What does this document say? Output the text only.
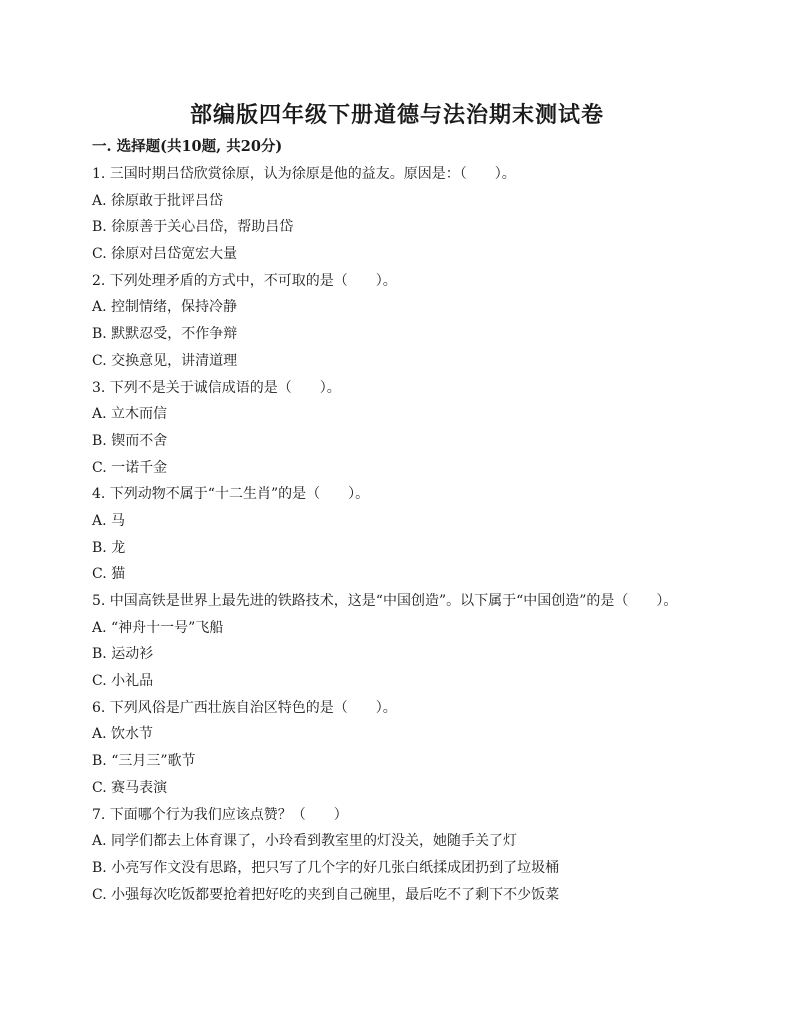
部编版四年级下册道德与法治期末测试卷
一. 选择题(共10题, 共20分)
1. 三国时期吕岱欣赏徐原，认为徐原是他的益友。原因是：（　　）。
A. 徐原敢于批评吕岱
B. 徐原善于关心吕岱，帮助吕岱
C. 徐原对吕岱宽宏大量
2. 下列处理矛盾的方式中，不可取的是（　　）。
A. 控制情绪，保持冷静
B. 默默忍受，不作争辩
C. 交换意见，讲清道理
3. 下列不是关于诚信成语的是（　　）。
A. 立木而信
B. 锲而不舍
C. 一诺千金
4. 下列动物不属于“十二生肖”的是（　　）。
A. 马
B. 龙
C. 猫
5. 中国高铁是世界上最先进的铁路技术，这是“中国创造”。以下属于“中国创造”的是（　　）。
A. “神舟十一号”飞船
B. 运动衫
C. 小礼品
6. 下列风俗是广西壮族自治区特色的是（　　）。
A. 饮水节
B. “三月三”歌节
C. 赛马表演
7. 下面哪个行为我们应该点赞？（　　）
A. 同学们都去上体育课了，小玲看到教室里的灯没关，她随手关了灯
B. 小亮写作文没有思路，把只写了几个字的好几张白纸揉成团扔到了垃圾桶
C. 小强每次吃饭都要抢着把好吃的夹到自己碗里，最后吃不了剩下不少饭菜
